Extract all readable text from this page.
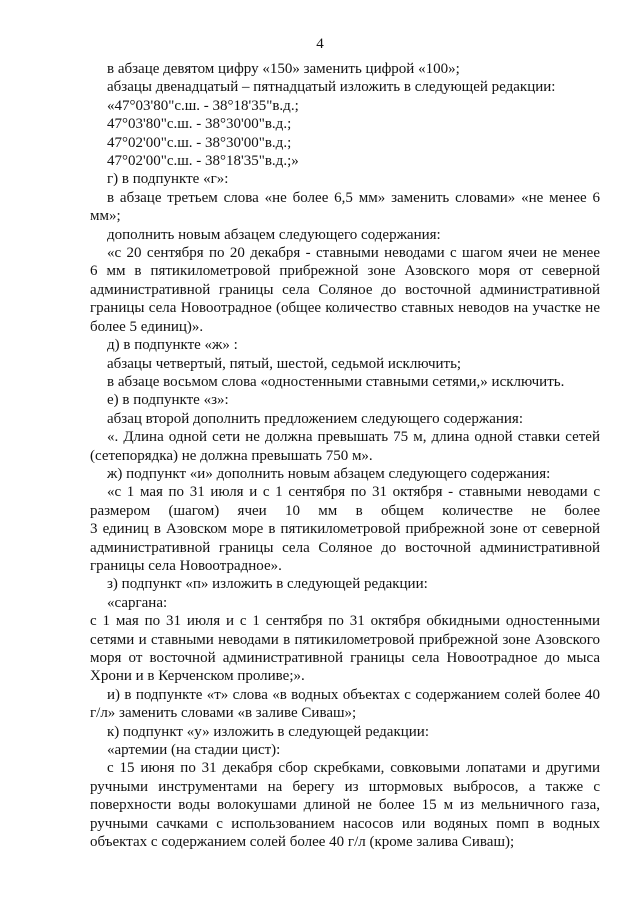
4

в абзаце девятом цифру «150» заменить цифрой «100»;

абзацы двенадцатый – пятнадцатый изложить в следующей редакции:

«47°03'80"с.ш. - 38°18'35"в.д.;

47°03'80"с.ш. - 38°30'00"в.д.;

47°02'00"с.ш. - 38°30'00"в.д.;

47°02'00"с.ш. - 38°18'35"в.д.;»

г) в подпункте «г»:

в абзаце третьем слова «не более 6,5 мм» заменить словами» «не менее 6

мм»;

дополнить новым абзацем следующего содержания:

«с 20 сентября по 20 декабря - ставными неводами с шагом ячеи не менее

6 мм в пятикилометровой прибрежной зоне Азовского моря от северной

административной границы села Соляное до восточной административной

границы села Новоотрадное (общее количество ставных неводов на участке не

более 5 единиц)».

д) в подпункте «ж» :

абзацы четвертый, пятый, шестой, седьмой исключить;

в абзаце восьмом слова «одностенными ставными сетями,» исключить.

е) в подпункте «з»:

абзац второй дополнить предложением следующего содержания:

«. Длина одной сети не должна превышать 75 м, длина одной ставки сетей

(сетепорядка) не должна превышать 750 м».

ж) подпункт «и» дополнить новым абзацем следующего содержания:

«с 1 мая по 31 июля и с 1 сентября по 31 октября - ставными неводами с

размером (шагом) ячеи 10 мм в общем количестве не более

3 единиц в Азовском море в пятикилометровой прибрежной зоне от северной

административной границы села Соляное до восточной административной

границы села Новоотрадное».

з) подпункт «п» изложить в следующей редакции:

«саргана:

с 1 мая по 31 июля и с 1 сентября по 31 октября обкидными одностенными

сетями и ставными неводами в пятикилометровой прибрежной зоне Азовского

моря от восточной административной границы села Новоотрадное до мыса

Хрони и в Керченском проливе;».

и) в подпункте «т» слова «в водных объектах с содержанием солей более 40

г/л» заменить словами «в заливе Сиваш»;

к) подпункт «у» изложить в следующей редакции:

«артемии (на стадии цист):

с 15 июня по 31 декабря сбор скребками, совковыми лопатами и другими

ручными инструментами на берегу из штормовых выбросов, а также с

поверхности воды волокушами длиной не более 15 м из мельничного газа,

ручными сачками с использованием насосов или водяных помп в водных

объектах с содержанием солей более 40 г/л (кроме залива Сиваш);
